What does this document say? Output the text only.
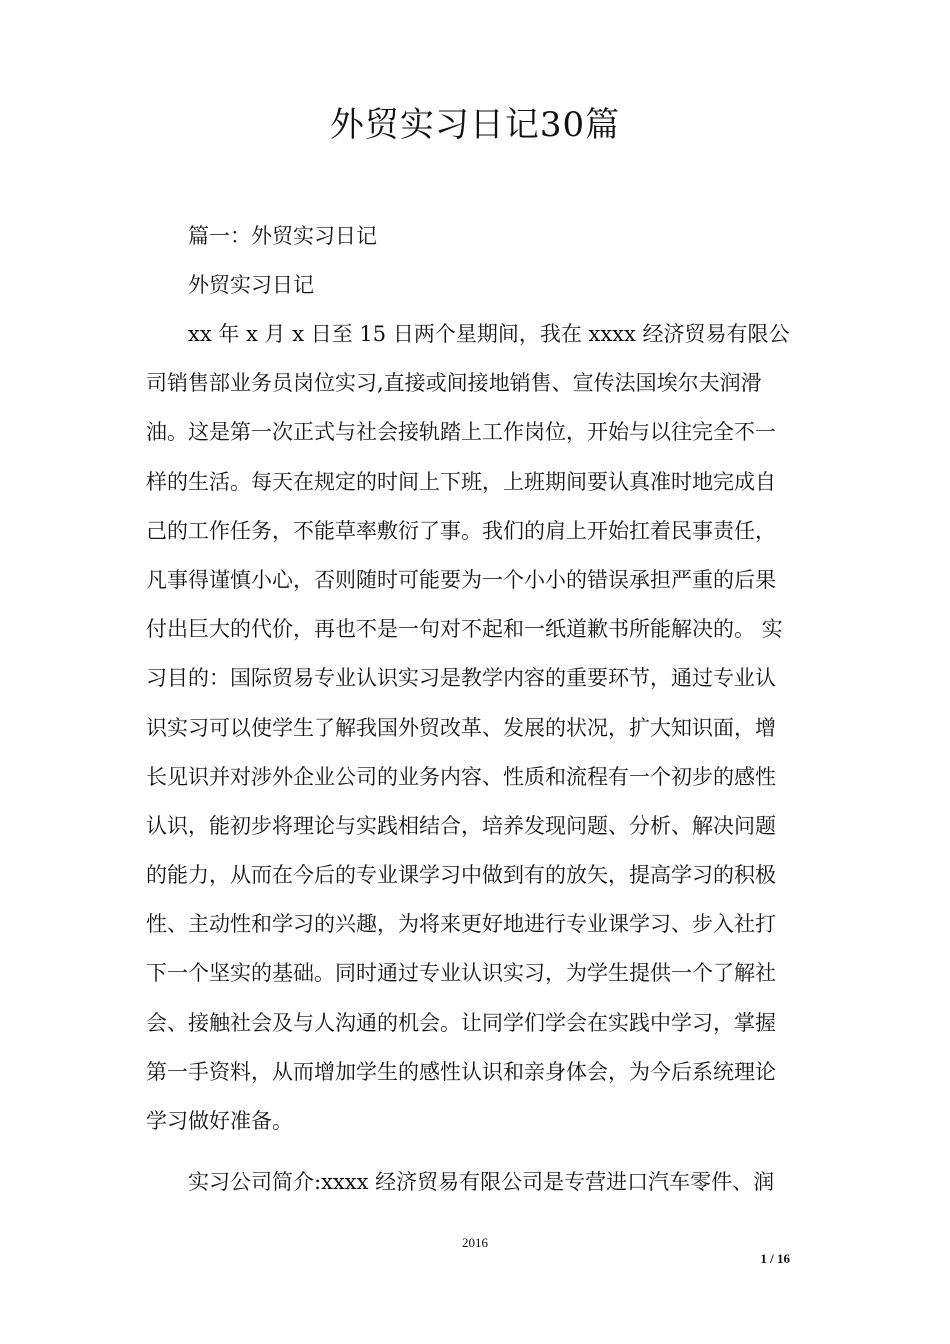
外贸实习日记30篇
篇一：外贸实习日记
外贸实习日记
xx 年 x 月 x 日至 15 日两个星期间，我在 xxxx 经济贸易有限公
司销售部业务员岗位实习,直接或间接地销售、宣传法国埃尔夫润滑
油。这是第一次正式与社会接轨踏上工作岗位，开始与以往完全不一
样的生活。每天在规定的时间上下班，上班期间要认真准时地完成自
己的工作任务，不能草率敷衍了事。我们的肩上开始扛着民事责任，
凡事得谨慎小心，否则随时可能要为一个小小的错误承担严重的后果
付出巨大的代价，再也不是一句对不起和一纸道歉书所能解决的。 实
习目的：国际贸易专业认识实习是教学内容的重要环节，通过专业认
识实习可以使学生了解我国外贸改革、发展的状况，扩大知识面，增
长见识并对涉外企业公司的业务内容、性质和流程有一个初步的感性
认识，能初步将理论与实践相结合，培养发现问题、分析、解决问题
的能力，从而在今后的专业课学习中做到有的放矢，提高学习的积极
性、主动性和学习的兴趣，为将来更好地进行专业课学习、步入社打
下一个坚实的基础。同时通过专业认识实习，为学生提供一个了解社
会、接触社会及与人沟通的机会。让同学们学会在实践中学习，掌握
第一手资料，从而增加学生的感性认识和亲身体会，为今后系统理论
学习做好准备。
实习公司简介:xxxx 经济贸易有限公司是专营进口汽车零件、润
2016
1 / 16
